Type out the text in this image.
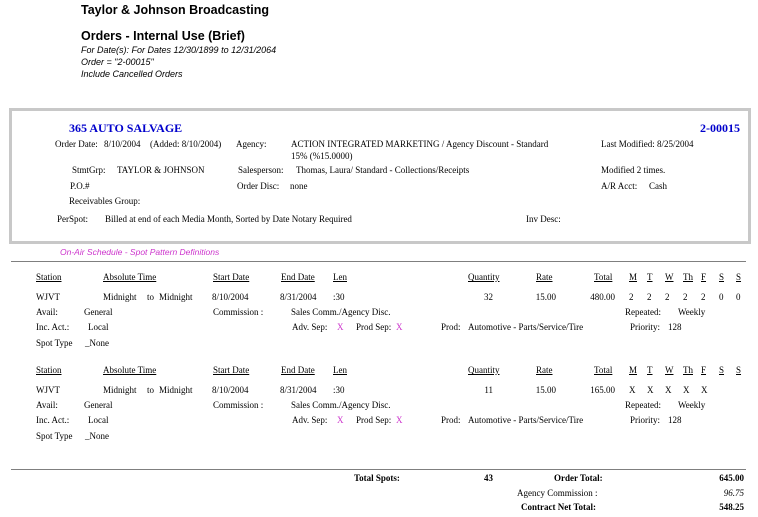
Taylor & Johnson Broadcasting
Orders - Internal Use (Brief)
For Date(s): For Dates 12/30/1899 to 12/31/2064
Order = "2-00015"
Include Cancelled Orders
365 AUTO SALVAGE	2-00015
Order Date: 8/10/2004 (Added: 8/10/2004) Agency:	ACTION INTEGRATED MARKETING / Agency Discount - Standard
15% (%15.0000)
Last Modified: 8/25/2004
StmtGrp: TAYLOR & JOHNSON	Salesperson: Thomas, Laura/ Standard - Collections/Receipts	Modified 2 times.
P.O.#	Order Disc: none	A/R Acct: Cash
Receivables Group:
PerSpot: Billed at end of each Media Month, Sorted by Date Notary Required	Inv Desc:
On-Air Schedule - Spot Pattern Definitions
Station	Absolute Time	Start Date	End Date Len	Quantity	Rate	Total M T W Th F S S
WJVT	Midnight to Midnight 8/10/2004	8/31/2004 :30	32	15.00	480.00 2 2 2 2 2 0 0
Avail:	General	Commission :	Sales Comm./Agency Disc.	Repeated: Weekly
Inc. Act.: Local	Adv. Sep: X Prod Sep: X	Prod: Automotive - Parts/Service/Tire	Priority: 128
Spot Type _None
Station	Absolute Time	Start Date	End Date Len	Quantity	Rate	Total M T W Th F S S
WJVT	Midnight to Midnight 8/10/2004	8/31/2004 :30	11	15.00	165.00 X X X X X
Avail:	General	Commission :	Sales Comm./Agency Disc.	Repeated: Weekly
Inc. Act.: Local	Adv. Sep: X Prod Sep: X	Prod: Automotive - Parts/Service/Tire	Priority: 128
Spot Type _None
Total Spots:	43	Order Total:	645.00
Agency Commission :	96.75
Contract Net Total:	548.25
